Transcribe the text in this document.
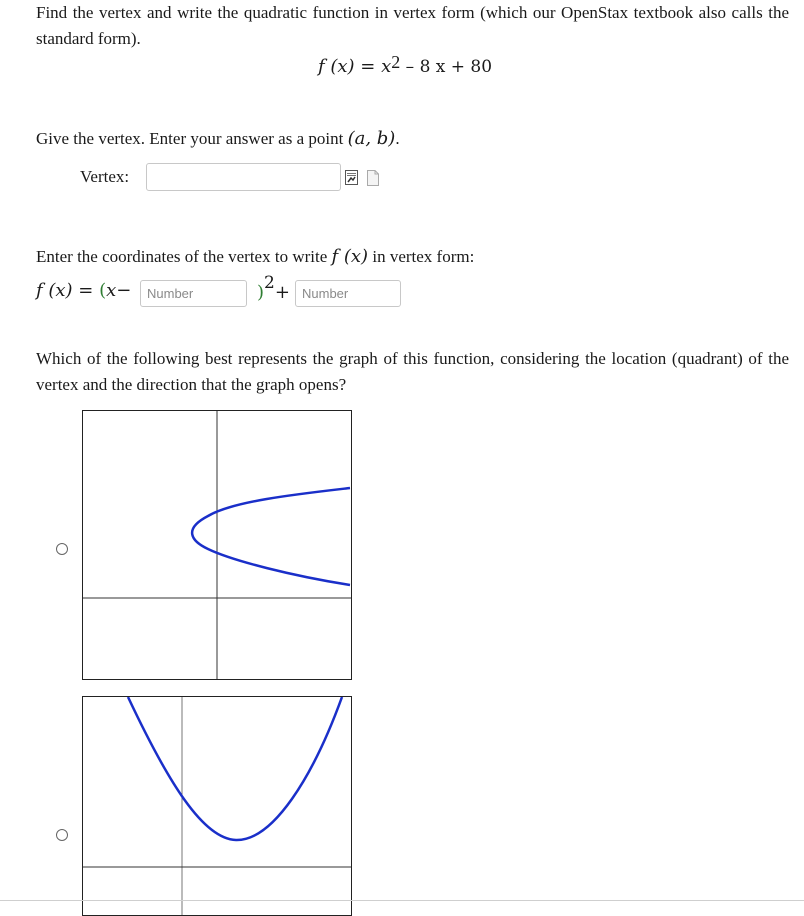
Find the vertex and write the quadratic function in vertex form (which our OpenStax textbook also calls the standard form).
f $(x) = x^2 - 8$ x + 80
Give the vertex. Enter your answer as a point (a, b).
Vertex:
Enter the coordinates of the vertex to write f (x) in vertex form:
f (x) = (x−
Number	)$^2$+
Number
Which of the following best represents the graph of this function, considering the location (quadrant) of the vertex and the direction that the graph opens?
